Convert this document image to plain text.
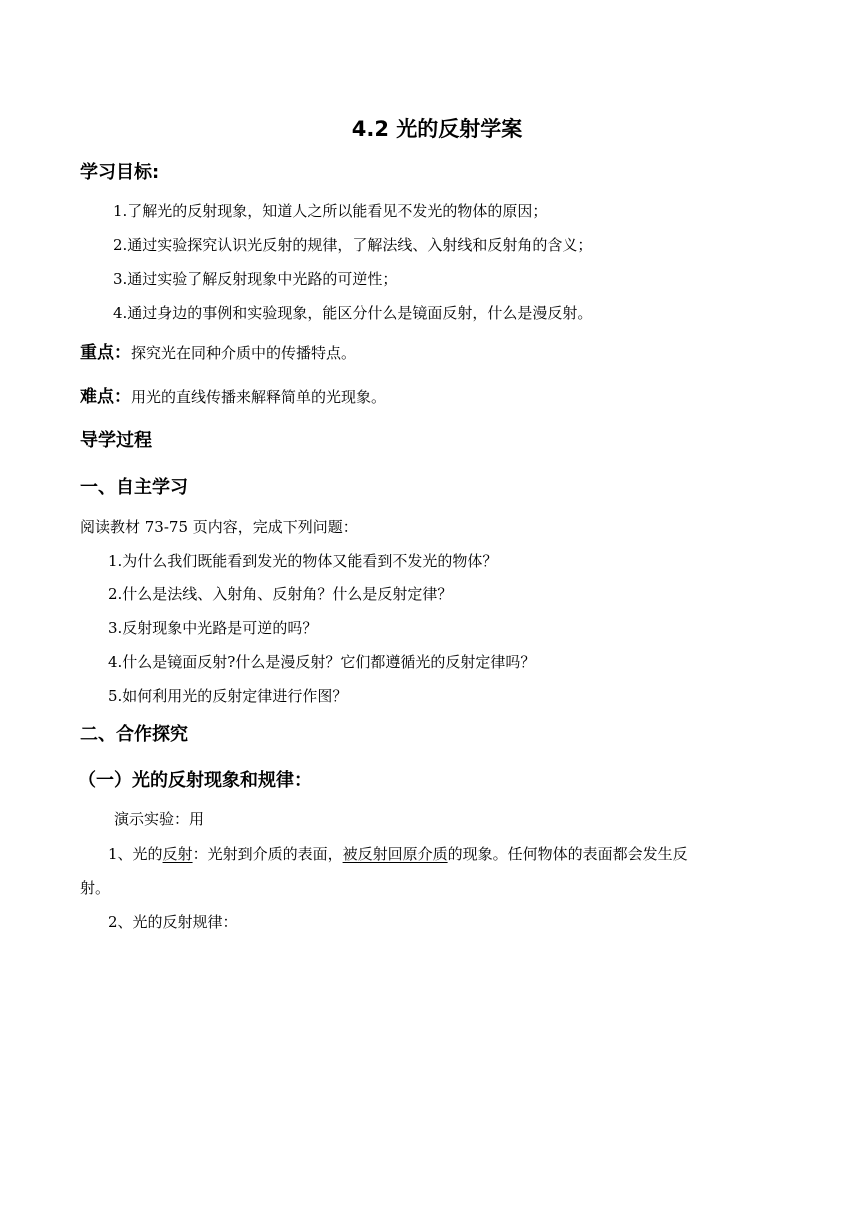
4.2 光的反射学案
学习目标:
1.了解光的反射现象，知道人之所以能看见不发光的物体的原因；
2.通过实验探究认识光反射的规律，了解法线、入射线和反射角的含义；
3.通过实验了解反射现象中光路的可逆性；
4.通过身边的事例和实验现象，能区分什么是镜面反射，什么是漫反射。
重点：探究光在同种介质中的传播特点。
难点：用光的直线传播来解释简单的光现象。
导学过程
一、自主学习
阅读教材 73-75 页内容，完成下列问题：
1.为什么我们既能看到发光的物体又能看到不发光的物体？
2.什么是法线、入射角、反射角？什么是反射定律？
3.反射现象中光路是可逆的吗？
4.什么是镜面反射?什么是漫反射？它们都遵循光的反射定律吗？
5.如何利用光的反射定律进行作图？
二、合作探究
（一）光的反射现象和规律：
演示实验：用
1、光的反射：光射到介质的表面，被反射回原介质的现象。任何物体的表面都会发生反
射。
2、光的反射规律：
